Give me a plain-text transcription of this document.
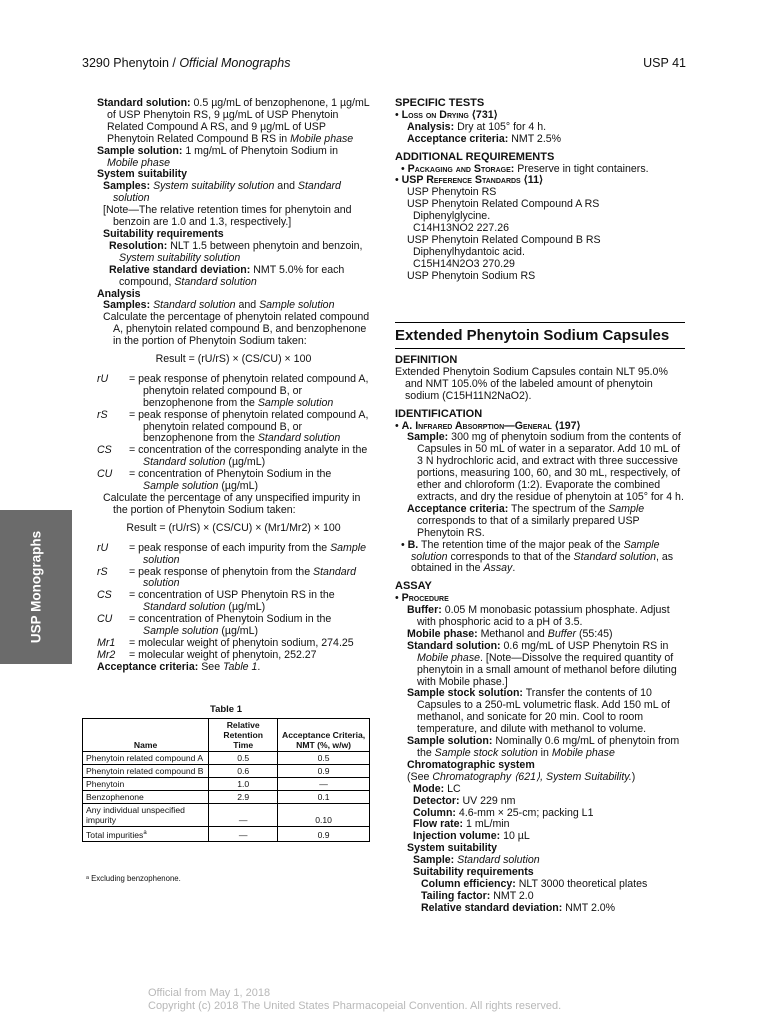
3290 Phenytoin / Official Monographs	USP 41
USP Monographs

Standard solution: 0.5 µg/mL of benzophenone, 1 µg/mL of USP Phenytoin RS, 9 µg/mL of USP Phenytoin Related Compound A RS, and 9 µg/mL of USP Phenytoin Related Compound B RS in Mobile phase

Sample solution: 1 mg/mL of Phenytoin Sodium in Mobile phase

System suitability

Samples: System suitability solution and Standard solution

[Note—The relative retention times for phenytoin and benzoin are 1.0 and 1.3, respectively.]

Suitability requirements

Resolution: NLT 1.5 between phenytoin and benzoin, System suitability solution

Relative standard deviation: NMT 5.0% for each compound, Standard solution

Analysis

Samples: Standard solution and Sample solution

Calculate the percentage of phenytoin related compound A, phenytoin related compound B, and benzophenone in the portion of Phenytoin Sodium taken:

Result = (rU/rS) × (CS/CU) × 100

rU	= peak response of phenytoin related compound A, phenytoin related compound B, or benzophenone from the Sample solution
rS	= peak response of phenytoin related compound A, phenytoin related compound B, or benzophenone from the Standard solution
CS	= concentration of the corresponding analyte in the Standard solution (µg/mL)
CU	= concentration of Phenytoin Sodium in the Sample solution (µg/mL)

Calculate the percentage of any unspecified impurity in the portion of Phenytoin Sodium taken:

Result = (rU/rS) × (CS/CU) × (Mr1/Mr2) × 100

rU	= peak response of each impurity from the Sample solution
rS	= peak response of phenytoin from the Standard solution
CS	= concentration of USP Phenytoin RS in the Standard solution (µg/mL)
CU	= concentration of Phenytoin Sodium in the Sample solution (µg/mL)
Mr1	= molecular weight of phenytoin sodium, 274.25
Mr2	= molecular weight of phenytoin, 252.27

Acceptance criteria: See Table 1.

Table 1
Name	Relative Retention Time	Acceptance Criteria, NMT (%, w/w)
Phenytoin related compound A	0.5	0.5
Phenytoin related compound B	0.6	0.9
Phenytoin	1.0	—
Benzophenone	2.9	0.1
Any individual unspecified impurity	—	0.10
Total impurities$^a$	—	0.9
ᵃ Excluding benzophenone.

SPECIFIC TESTS

• Loss on Drying ⟨731⟩

Analysis: Dry at 105° for 4 h.

Acceptance criteria: NMT 2.5%

ADDITIONAL REQUIREMENTS

• Packaging and Storage: Preserve in tight containers.

• USP Reference Standards ⟨11⟩

USP Phenytoin RS

USP Phenytoin Related Compound A RS

Diphenylglycine.

C14H13NO2 227.26

USP Phenytoin Related Compound B RS

Diphenylhydantoic acid.

C15H14N2O3 270.29

USP Phenytoin Sodium RS

Extended Phenytoin Sodium Capsules

DEFINITION

Extended Phenytoin Sodium Capsules contain NLT 95.0% and NMT 105.0% of the labeled amount of phenytoin sodium (C15H11N2NaO2).

IDENTIFICATION

• A. Infrared Absorption—General ⟨197⟩

Sample: 300 mg of phenytoin sodium from the contents of Capsules in 50 mL of water in a separator. Add 10 mL of 3 N hydrochloric acid, and extract with three successive portions, measuring 100, 60, and 30 mL, respectively, of ether and chloroform (1:2). Evaporate the combined extracts, and dry the residue of phenytoin at 105° for 4 h.

Acceptance criteria: The spectrum of the Sample corresponds to that of a similarly prepared USP Phenytoin RS.

• B. The retention time of the major peak of the Sample solution corresponds to that of the Standard solution, as obtained in the Assay.

ASSAY

• Procedure

Buffer: 0.05 M monobasic potassium phosphate. Adjust with phosphoric acid to a pH of 3.5.

Mobile phase: Methanol and Buffer (55:45)

Standard solution: 0.6 mg/mL of USP Phenytoin RS in Mobile phase. [Note—Dissolve the required quantity of phenytoin in a small amount of methanol before diluting with Mobile phase.]

Sample stock solution: Transfer the contents of 10 Capsules to a 250-mL volumetric flask. Add 150 mL of methanol, and sonicate for 20 min. Cool to room temperature, and dilute with methanol to volume.

Sample solution: Nominally 0.6 mg/mL of phenytoin from the Sample stock solution in Mobile phase

Chromatographic system

(See Chromatography ⟨621⟩, System Suitability.)

Mode: LC

Detector: UV 229 nm

Column: 4.6-mm × 25-cm; packing L1

Flow rate: 1 mL/min

Injection volume: 10 µL

System suitability

Sample: Standard solution

Suitability requirements

Column efficiency: NLT 3000 theoretical plates

Tailing factor: NMT 2.0

Relative standard deviation: NMT 2.0%

Official from May 1, 2018
Copyright (c) 2018 The United States Pharmacopeial Convention. All rights reserved.
